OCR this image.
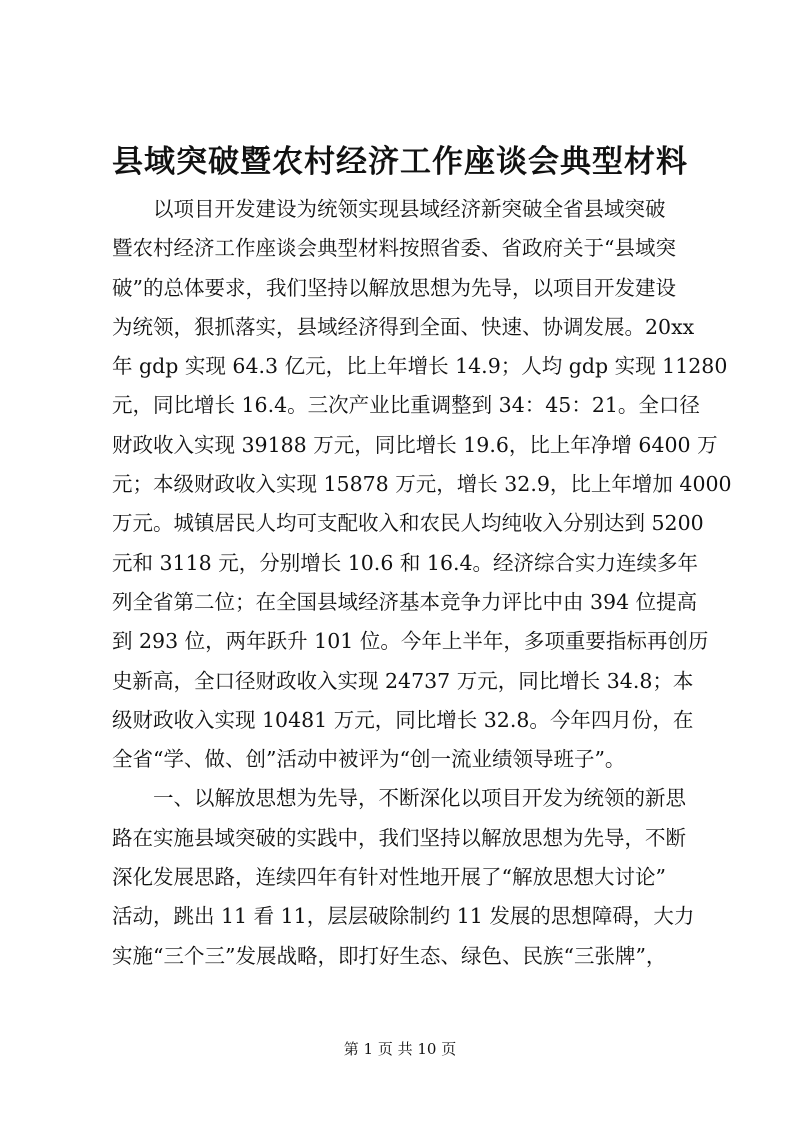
县域突破暨农村经济工作座谈会典型材料
　　以项目开发建设为统领实现县域经济新突破全省县域突破
暨农村经济工作座谈会典型材料按照省委、省政府关于“县域突
破”的总体要求，我们坚持以解放思想为先导，以项目开发建设
为统领，狠抓落实，县域经济得到全面、快速、协调发展。20xx
年 gdp 实现 64.3 亿元，比上年增长 14.9；人均 gdp 实现 11280
元，同比增长 16.4。三次产业比重调整到 34：45：21。全口径
财政收入实现 39188 万元，同比增长 19.6，比上年净增 6400 万
元；本级财政收入实现 15878 万元，增长 32.9，比上年增加 4000
万元。城镇居民人均可支配收入和农民人均纯收入分别达到 5200
元和 3118 元，分别增长 10.6 和 16.4。经济综合实力连续多年
列全省第二位；在全国县域经济基本竞争力评比中由 394 位提高
到 293 位，两年跃升 101 位。今年上半年，多项重要指标再创历
史新高，全口径财政收入实现 24737 万元，同比增长 34.8；本
级财政收入实现 10481 万元，同比增长 32.8。今年四月份，在
全省“学、做、创”活动中被评为“创一流业绩领导班子”。
　　一、以解放思想为先导，不断深化以项目开发为统领的新思
路在实施县域突破的实践中，我们坚持以解放思想为先导，不断
深化发展思路，连续四年有针对性地开展了“解放思想大讨论”
活动，跳出 11 看 11，层层破除制约 11 发展的思想障碍，大力
实施“三个三”发展战略，即打好生态、绿色、民族“三张牌”，
第 1 页 共 10 页
